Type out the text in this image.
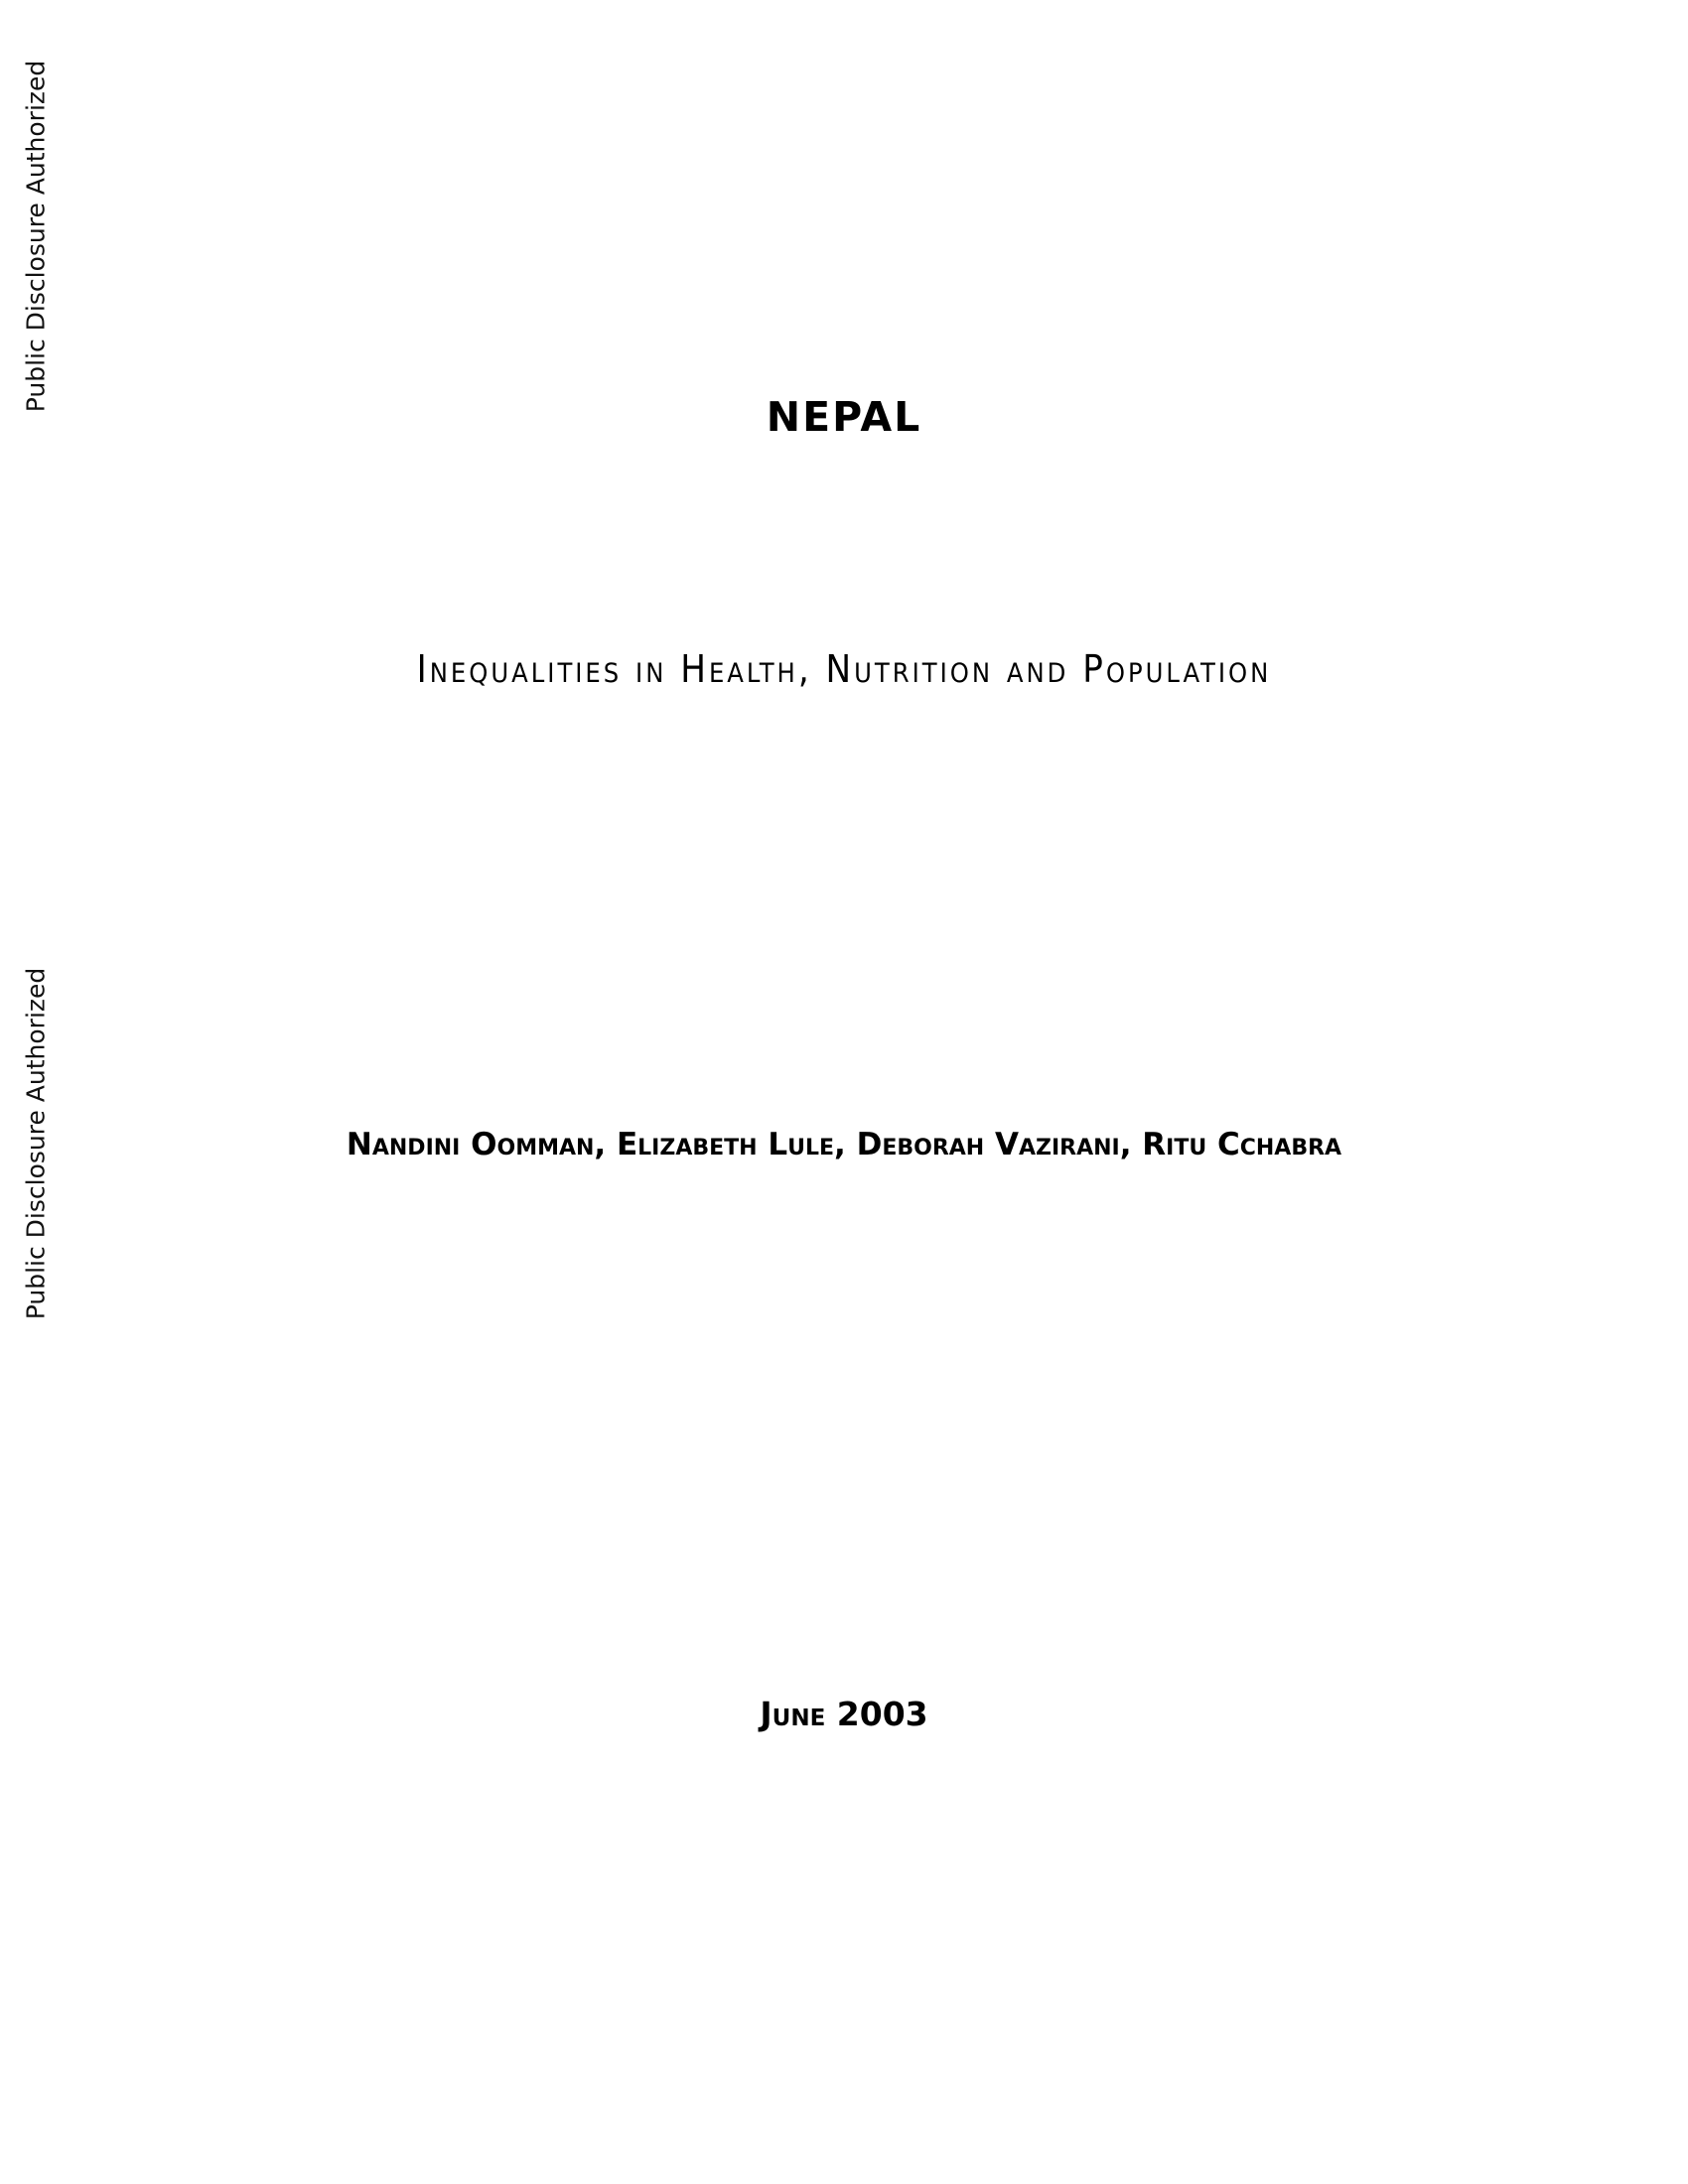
Public Disclosure Authorized
Public Disclosure Authorized
NEPAL
Inequalities in Health, Nutrition and Population
Nandini Oomman, Elizabeth Lule, Deborah Vazirani, Ritu Cchabra
June 2003
